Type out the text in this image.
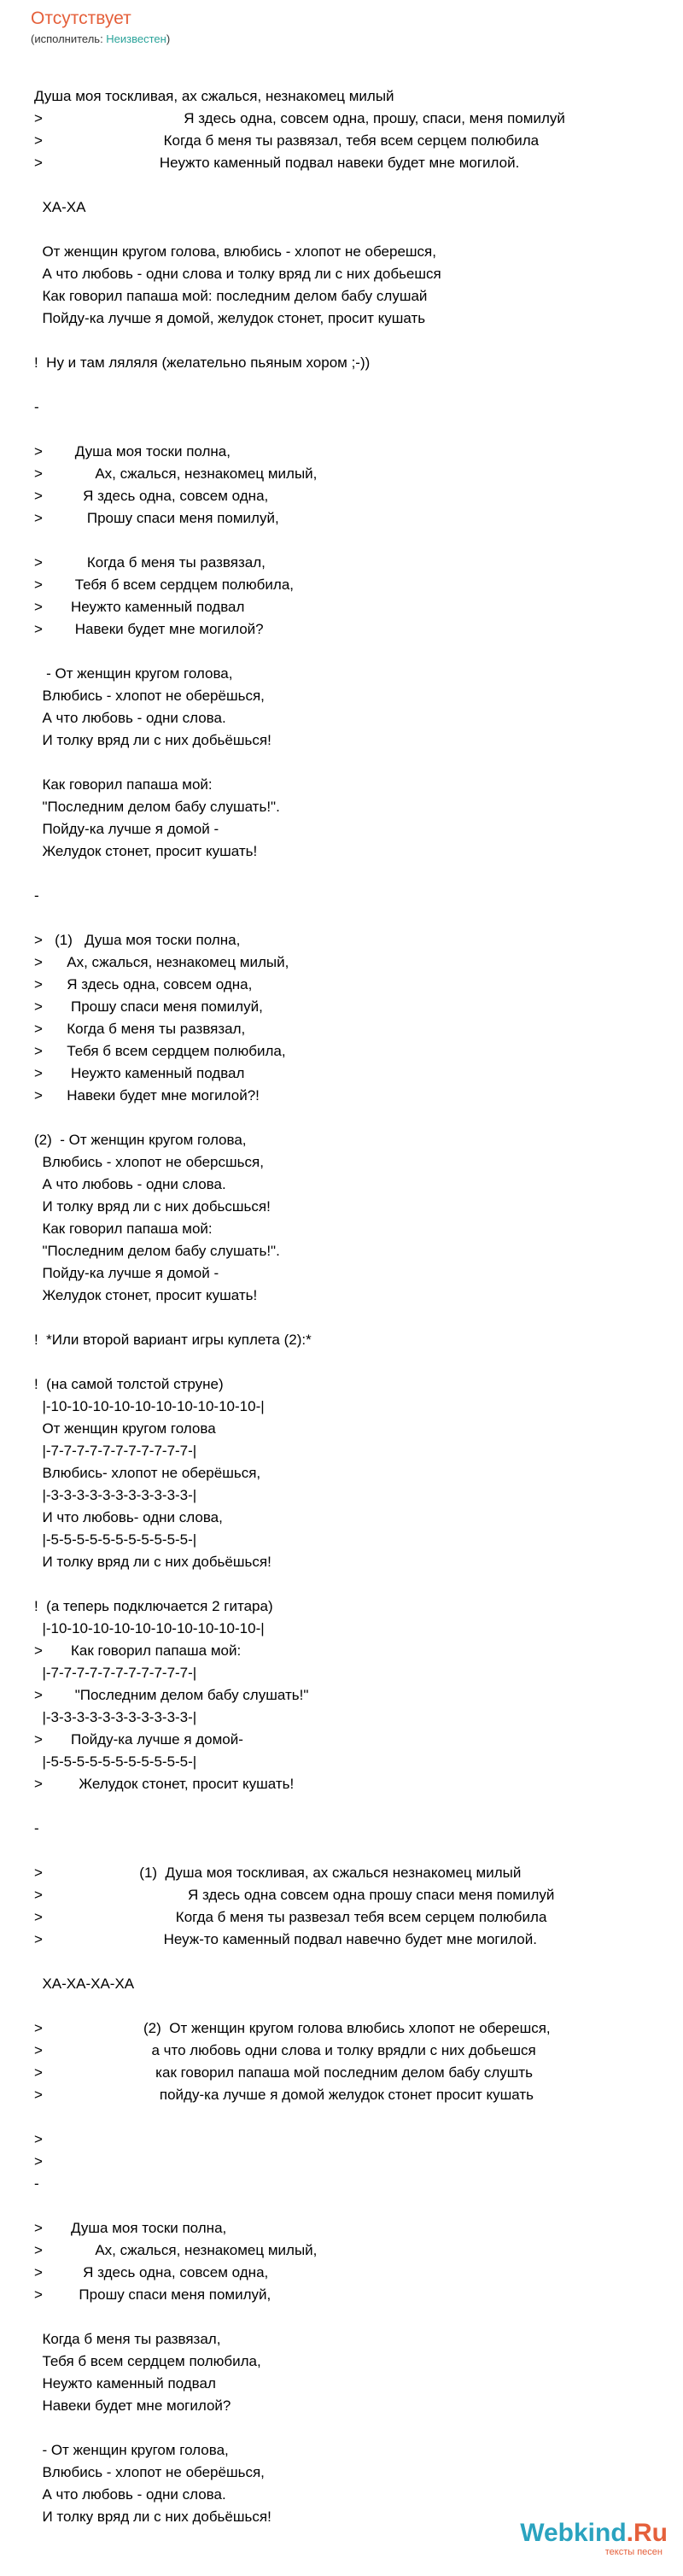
Отсутствует
(исполнитель: Неизвестен)
Душа моя тоскливая, ах сжалься, незнакомец милый
>                                   Я здесь одна, совсем одна, прошу, спаси, меня помилуй
>                              Когда б меня ты развязал, тебя всем серцем полюбила
>                             Неужто каменный подвал навеки будет мне могилой.
ХА-ХА
От женщин кругом голова, влюбись - хлопот не оберешся,
А что любовь - одни слова и толку вряд ли с них добьешся
Как говорил папаша мой: последним делом бабу слушай
Пойду-ка лучше я домой, желудок стонет, просит кушать
!  Ну и там ляляля (желательно пьяным хором ;-))
-
>        Душа моя тоски полна,
>             Ах, сжалься, незнакомец милый,
>          Я здесь одна, совсем одна,
>           Прошу спаси меня помилуй,
>           Когда б меня ты развязал,
>        Тебя б всем сердцем полюбила,
>       Неужто каменный подвал
>        Навеки будет мне могилой?
- От женщин кругом голова,
Влюбись - хлопот не оберёшься,
А что любовь - одни слова.
И толку вряд ли с них добьёшься!
Как говорил папаша мой:
"Последним делом бабу слушать!".
Пойду-ка лучше я домой -
Желудок стонет, просит кушать!
-
>   (1)   Душа моя тоски полна,
>      Ах, сжалься, незнакомец милый,
>      Я здесь одна, совсем одна,
>       Прошу спаси меня помилуй,
>      Когда б меня ты развязал,
>      Тебя б всем сердцем полюбила,
>       Неужто каменный подвал
>      Навеки будет мне могилой?!
(2)  - От женщин кругом голова,
Влюбись - хлопот не оберсшься,
А что любовь - одни слова.
И толку вряд ли с них добьсшься!
Как говорил папаша мой:
"Последним делом бабу слушать!".
Пойду-ка лучше я домой -
Желудок стонет, просит кушать!
!  *Или второй вариант игры куплета (2):*
!  (на самой толстой струне)
|-10-10-10-10-10-10-10-10-10-10-|
От женщин кругом голова
|-7-7-7-7-7-7-7-7-7-7-7-|
Влюбись- хлопот не оберёшься,
|-3-3-3-3-3-3-3-3-3-3-3-|
И что любовь- одни слова,
|-5-5-5-5-5-5-5-5-5-5-5-|
И толку вряд ли с них добьёшься!
!  (а теперь подключается 2 гитара)
|-10-10-10-10-10-10-10-10-10-10-|
>       Как говорил папаша мой:
|-7-7-7-7-7-7-7-7-7-7-7-|
>        "Последним делом бабу слушать!"
|-3-3-3-3-3-3-3-3-3-3-3-|
>       Пойду-ка лучше я домой-
|-5-5-5-5-5-5-5-5-5-5-5-|
>         Желудок стонет, просит кушать!
-
>                        (1)  Душа моя тоскливая, ах сжалься незнакомец милый
>                                    Я здесь одна совсем одна прошу спаси меня помилуй
>                                 Когда б меня ты развезал тебя всем серцем полюбила
>                              Неуж-то каменный подвал навечно будет мне могилой.
ХА-ХА-ХА-ХА
>                         (2)  От женщин кругом голова влюбись хлопот не оберешся,
>                           а что любовь одни слова и толку врядли с них добьешся
>                            как говорил папаша мой последним делом бабу слушть
>                             пойду-ка лучше я домой желудок стонет просит кушать
>
>
-
>       Душа моя тоски полна,
>             Ах, сжалься, незнакомец милый,
>          Я здесь одна, совсем одна,
>         Прошу спаси меня помилуй,
Когда б меня ты развязал,
Тебя б всем сердцем полюбила,
Неужто каменный подвал
Навеки будет мне могилой?
- От женщин кругом голова,
Влюбись - хлопот не оберёшься,
А что любовь - одни слова.
И толку вряд ли с них добьёшься!
Webkind.Ru
тексты песен
